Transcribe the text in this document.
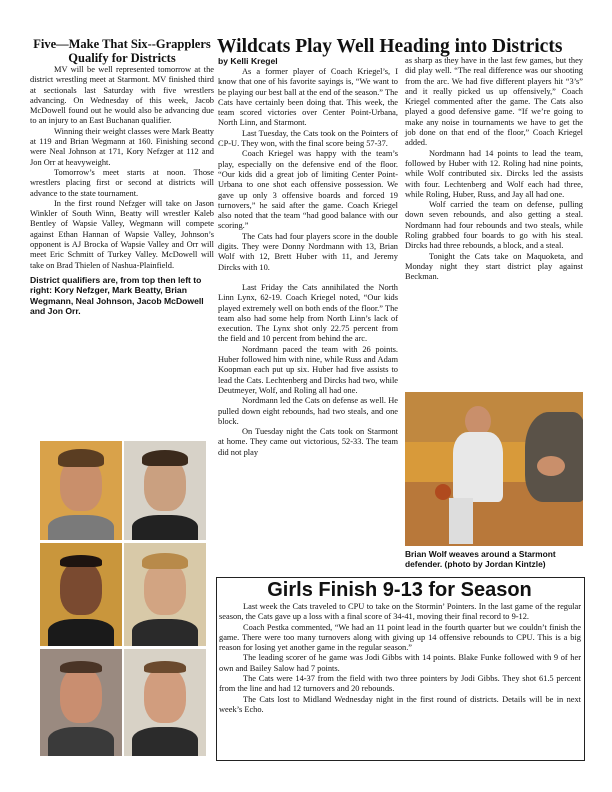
Five—Make That Six--Grapplers Qualify for Districts

MV will be well represented tomorrow at the district wrestling meet at Starmont. MV finished third at sectionals last Saturday with five wrestlers advancing. On Wednesday of this week, Jacob McDowell found out he would also be advancing due to an injury to an East Buchanan qualifier.

Winning their weight classes were Mark Beatty at 119 and Brian Wegmann at 160. Finishing second were Neal Johnson at 171, Kory Nefzger at 112 and Jon Orr at heavyweight.

Tomorrow’s meet starts at noon. Those wrestlers placing first or second at districts will advance to the state tournament.

In the first round Nefzger will take on Jason Winkler of South Winn, Beatty will wrestler Kaleb Bentley of Wapsie Valley, Wegmann will compete against Ethan Hannan of Wapsie Valley, Johnson’s opponent is AJ Brocka of Wapsie Valley and Orr will meet Eric Schmitt of Turkey Valley. McDowell will take on Brad Thielen of Nashua-Plainfield.

District qualifiers are, from top then left to right: Kory Nefzger, Mark Beatty, Brian Wegmann, Neal Johnson, Jacob McDowell and Jon Orr.

Wildcats Play Well Heading into Districts
by Kelli Kregel

As a former player of Coach Kriegel’s, I know that one of his favorite sayings is, “We want to be playing our best ball at the end of the season.” The Cats have certainly been doing that. This week, the team scored victories over Center Point-Urbana, North Linn, and Starmont.

Last Tuesday, the Cats took on the Pointers of CP-U. They won, with the final score being 57-37.

Coach Kriegel was happy with the team’s play, especially on the defensive end of the floor. “Our kids did a great job of limiting Center Point-Urbana to one shot each offensive possession. We gave up only 3 offensive boards and forced 19 turnovers,” he said after the game. Coach Kriegel also noted that the team “had good balance with our scoring.”

The Cats had four players score in the double digits. They were Donny Nordmann with 13, Brian Wolf with 12, Brett Huber with 11, and Jeremy Dircks with 10.

Last Friday the Cats annihilated the North Linn Lynx, 62-19. Coach Kriegel noted, “Our kids played extremely well on both ends of the floor.” The team also had some help from North Linn’s lack of execution. The Lynx shot only 22.75 percent from the field and 10 percent from behind the arc.

Nordmann paced the team with 26 points. Huber followed him with nine, while Russ and Adam Koopman each put up six. Huber had five assists to lead the Cats. Lechtenberg and Dircks had two, while Deutmeyer, Wolf, and Roling all had one.

Nordmann led the Cats on defense as well. He pulled down eight rebounds, had two steals, and one block.

On Tuesday night the Cats took on Starmont at home. They came out victorious, 52-33. The team did not play

as sharp as they have in the last few games, but they did play well. “The real difference was our shooting from the arc. We had five different players hit “3’s” and it really picked us up offensively,” Coach Kriegel commented after the game. The Cats also played a good defensive game. “If we’re going to make any noise in tournaments we have to get the job done on that end of the floor,” Coach Kriegel added.

Nordmann had 14 points to lead the team, followed by Huber with 12. Roling had nine points, while Wolf contributed six. Dircks led the assists with four. Lechtenberg and Wolf each had three, while Roling, Huber, Russ, and Jay all had one.

Wolf carried the team on defense, pulling down seven rebounds, and also getting a steal. Nordmann had four rebounds and two steals, while Roling grabbed four boards to go with his steal. Dircks had three rebounds, a block, and a steal.

Tonight the Cats take on Maquoketa, and Monday night they start district play against Beckman.

Brian Wolf weaves around a Starmont defender. (photo by Jordan Kintzle)
Girls Finish 9-13 for Season

Last week the Cats traveled to CPU to take on the Stormin’ Pointers. In the last game of the regular season, the Cats gave up a loss with a final score of 34-41, moving their final record to 9-12.

Coach Pestka commented, “We had an 11 point lead in the fourth quarter but we couldn’t finish the game. There were too many turnovers along with giving up 14 offensive rebounds to CPU. This is a big reason for losing yet another game in the regular season.”

The leading scorer of he game was Jodi Gibbs with 14 points. Blake Funke followed with 9 of her own and Bailey Salow had 7 points.

The Cats were 14-37 from the field with two three pointers by Jodi Gibbs. They shot 61.5 percent from the line and had 12 turnovers and 20 rebounds.

The Cats lost to Midland Wednesday night in the first round of districts. Details will be in next week’s Echo.
